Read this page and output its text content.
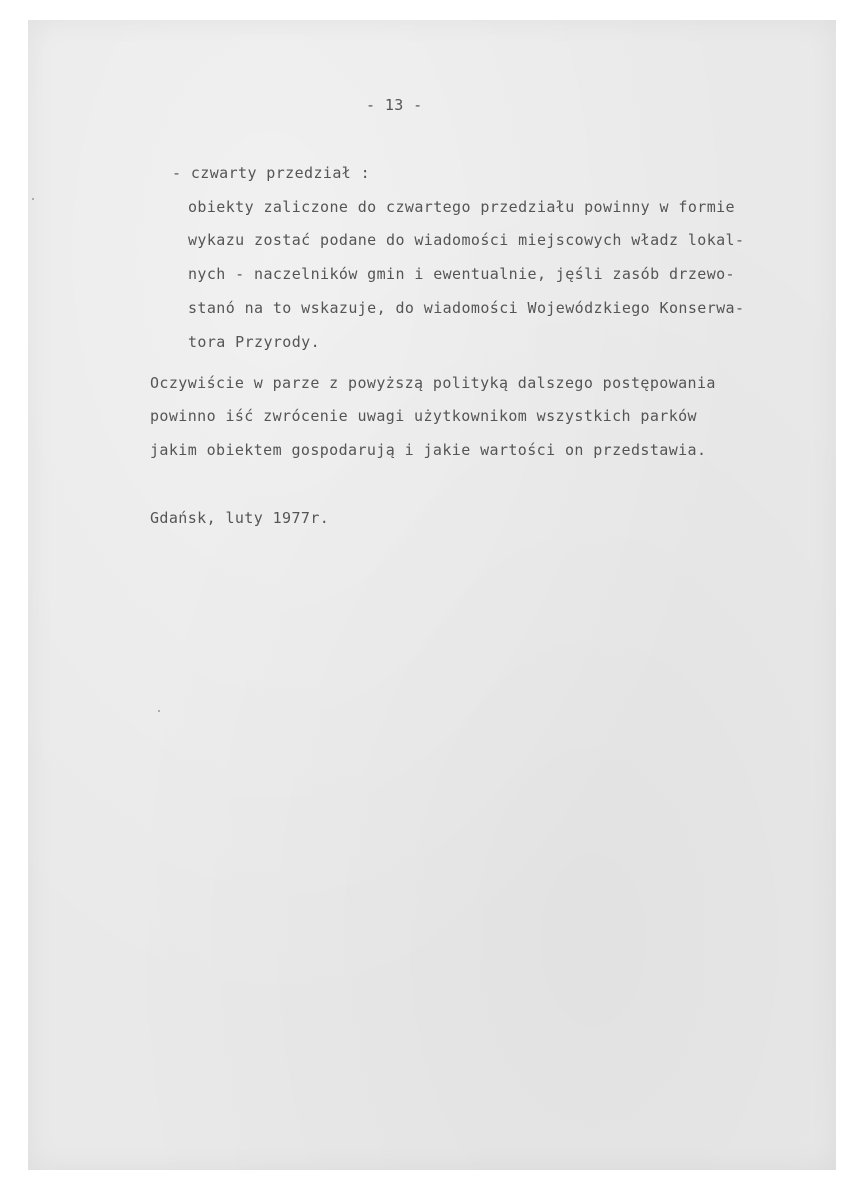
- 13 -
- czwarty przedział :
obiekty zaliczone do czwartego przedziału powinny w formie
wykazu zostać podane do wiadomości miejscowych władz lokal-
nych - naczelników gmin i ewentualnie, jęśli zasób drzewo-
stanó na to wskazuje, do wiadomości Wojewódzkiego Konserwa-
tora Przyrody.
Oczywiście w parze z powyższą polityką dalszego postępowania
powinno iść zwrócenie uwagi użytkownikom wszystkich parków
jakim obiektem gospodarują i jakie wartości on przedstawia.
Gdańsk, luty 1977r.
